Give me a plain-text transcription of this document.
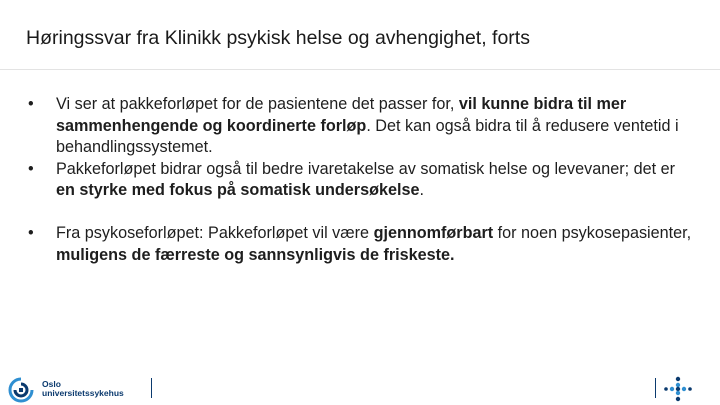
Høringssvar fra Klinikk psykisk helse og avhengighet, forts
• Vi ser at pakkeforløpet for de pasientene det passer for, vil kunne bidra til mer sammenhengende og koordinerte forløp. Det kan også bidra til å redusere ventetid i behandlingssystemet.
• Pakkeforløpet bidrar også til bedre ivaretakelse av somatisk helse og levevaner; det er en styrke med fokus på somatisk undersøkelse.
• Fra psykoseforløpet: Pakkeforløpet vil være gjennomførbart for noen psykosepasienter, muligens de færreste og sannsynligvis de friskeste.
Oslo
universitetssykehus
